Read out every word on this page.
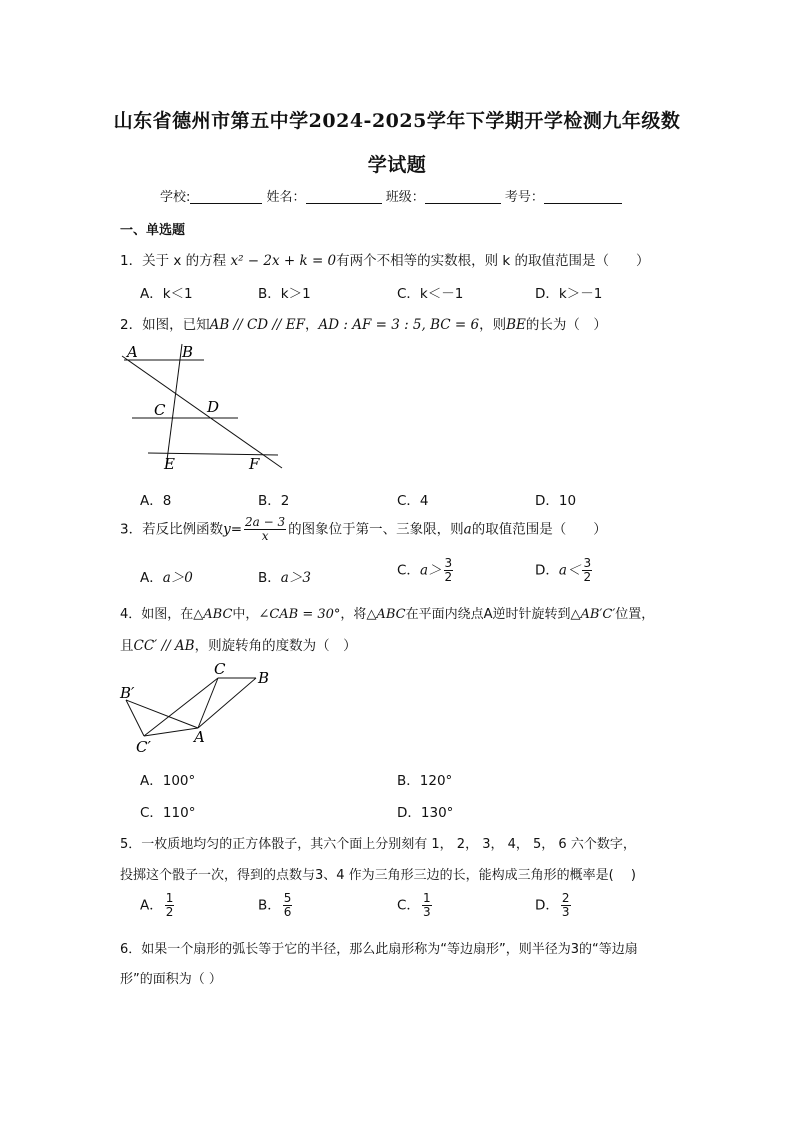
山东省德州市第五中学2024-2025学年下学期开学检测九年级数
学试题
学校:	姓名：	班级：	考号：
一、单选题
1．关于 x 的方程 x² − 2x + k = 0有两个不相等的实数根，则 k 的取值范围是（　　）
A．k＜1	B．k＞1	C．k＜－1	D．k＞－1
2．如图，已知AB // CD // EF，AD : AF = 3 : 5, BC = 6，则BE的长为（　）
A	B
C	D
E	F
A．8	B．2	C．4	D．10
3．若反比例函数$y= \frac{2a - 3}{x}$ 的图象位于第一、三象限，则a的取值范围是（　　）
A．a＞0	B．a＞3	C．$a> \frac{3}{2}$	D．$a< \frac{3}{2}$
4．如图，在△ABC中，∠CAB = 30°，将△ABC在平面内绕点A逆时针旋转到△AB′C′位置，
且CC′ // AB，则旋转角的度数为（　）
C B
B′
C′
A
A．100°	B．120°
C．110°	D．130°
5．一枚质地均匀的正方体骰子，其六个面上分别刻有 1， 2， 3， 4， 5， 6 六个数字，
投掷这个骰子一次，得到的点数与3、4 作为三角形三边的长，能构成三角形的概率是(　 )
A． $\frac{1}{2}$	B． $\frac{5}{6}$	C． $\frac{1}{3}$	D． $\frac{2}{3}$
6．如果一个扇形的弧长等于它的半径，那么此扇形称为“等边扇形”，则半径为3的“等边扇
形”的面积为（ ）
